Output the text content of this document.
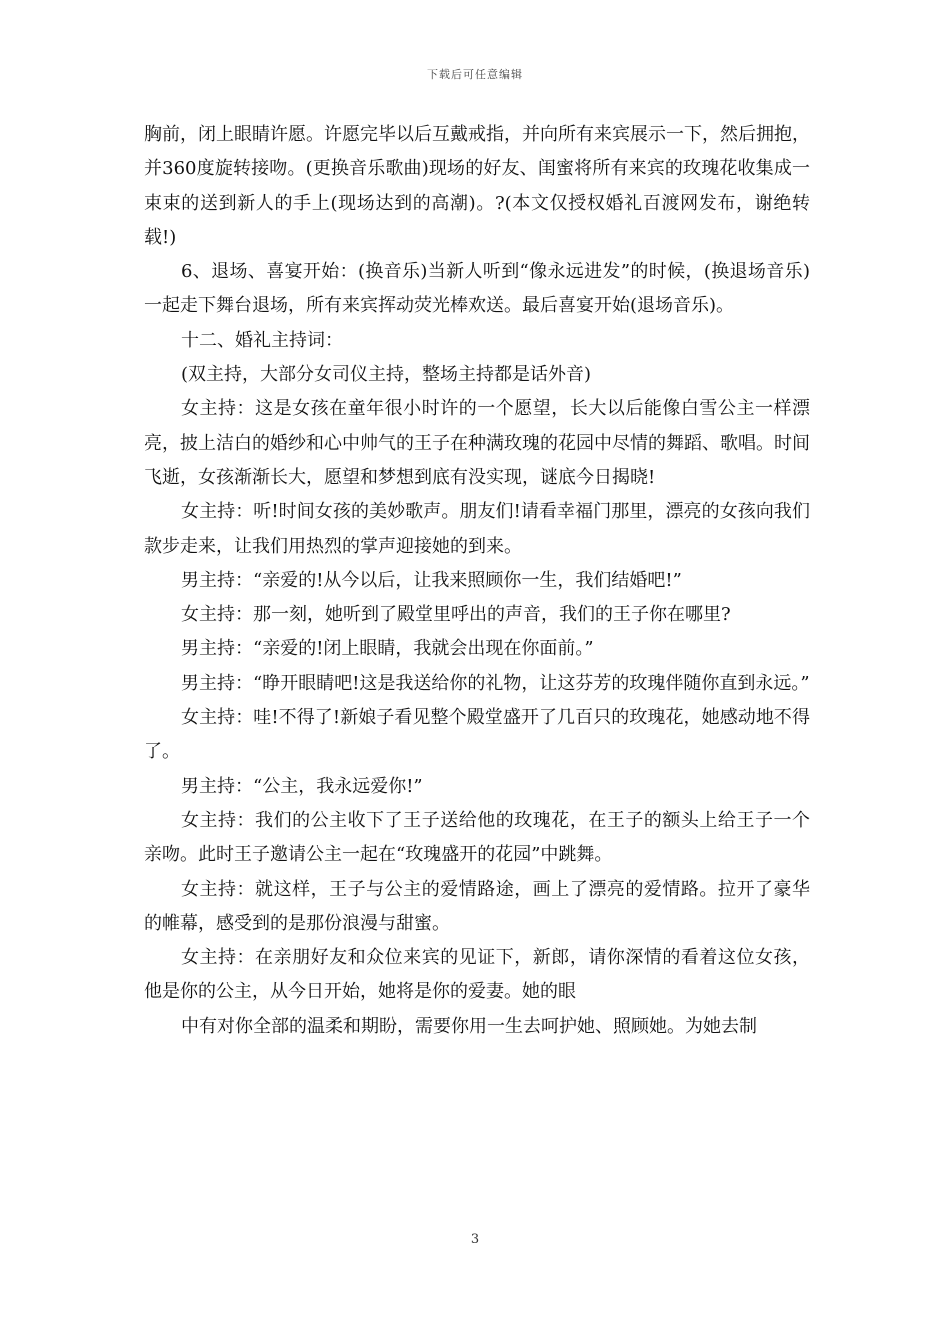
下载后可任意编辑

胸前，闭上眼睛许愿。许愿完毕以后互戴戒指，并向所有来宾展示一下，然后拥抱，并360度旋转接吻。(更换音乐歌曲)现场的好友、闺蜜将所有来宾的玫瑰花收集成一束束的送到新人的手上(现场达到的高潮)。?(本文仅授权婚礼百渡网发布，谢绝转载!)

6、退场、喜宴开始：(换音乐)当新人听到“像永远进发”的时候，(换退场音乐)一起走下舞台退场，所有来宾挥动荧光棒欢送。最后喜宴开始(退场音乐)。

十二、婚礼主持词：

(双主持，大部分女司仪主持，整场主持都是话外音)

女主持：这是女孩在童年很小时许的一个愿望，长大以后能像白雪公主一样漂亮，披上洁白的婚纱和心中帅气的王子在种满玫瑰的花园中尽情的舞蹈、歌唱。时间飞逝，女孩渐渐长大，愿望和梦想到底有没实现，谜底今日揭晓!

女主持：听!时间女孩的美妙歌声。朋友们!请看幸福门那里，漂亮的女孩向我们款步走来，让我们用热烈的掌声迎接她的到来。

男主持：“亲爱的!从今以后，让我来照顾你一生，我们结婚吧!”

女主持：那一刻，她听到了殿堂里呼出的声音，我们的王子你在哪里?

男主持：“亲爱的!闭上眼睛，我就会出现在你面前。”

男主持：“睁开眼睛吧!这是我送给你的礼物，让这芬芳的玫瑰伴随你直到永远。”

女主持：哇!不得了!新娘子看见整个殿堂盛开了几百只的玫瑰花，她感动地不得了。

男主持：“公主，我永远爱你!”

女主持：我们的公主收下了王子送给他的玫瑰花，在王子的额头上给王子一个亲吻。此时王子邀请公主一起在“玫瑰盛开的花园”中跳舞。

女主持：就这样，王子与公主的爱情路途，画上了漂亮的爱情路。拉开了豪华的帷幕，感受到的是那份浪漫与甜蜜。

女主持：在亲朋好友和众位来宾的见证下，新郎，请你深情的看着这位女孩，他是你的公主，从今日开始，她将是你的爱妻。她的眼

中有对你全部的温柔和期盼，需要你用一生去呵护她、照顾她。为她去制

3
